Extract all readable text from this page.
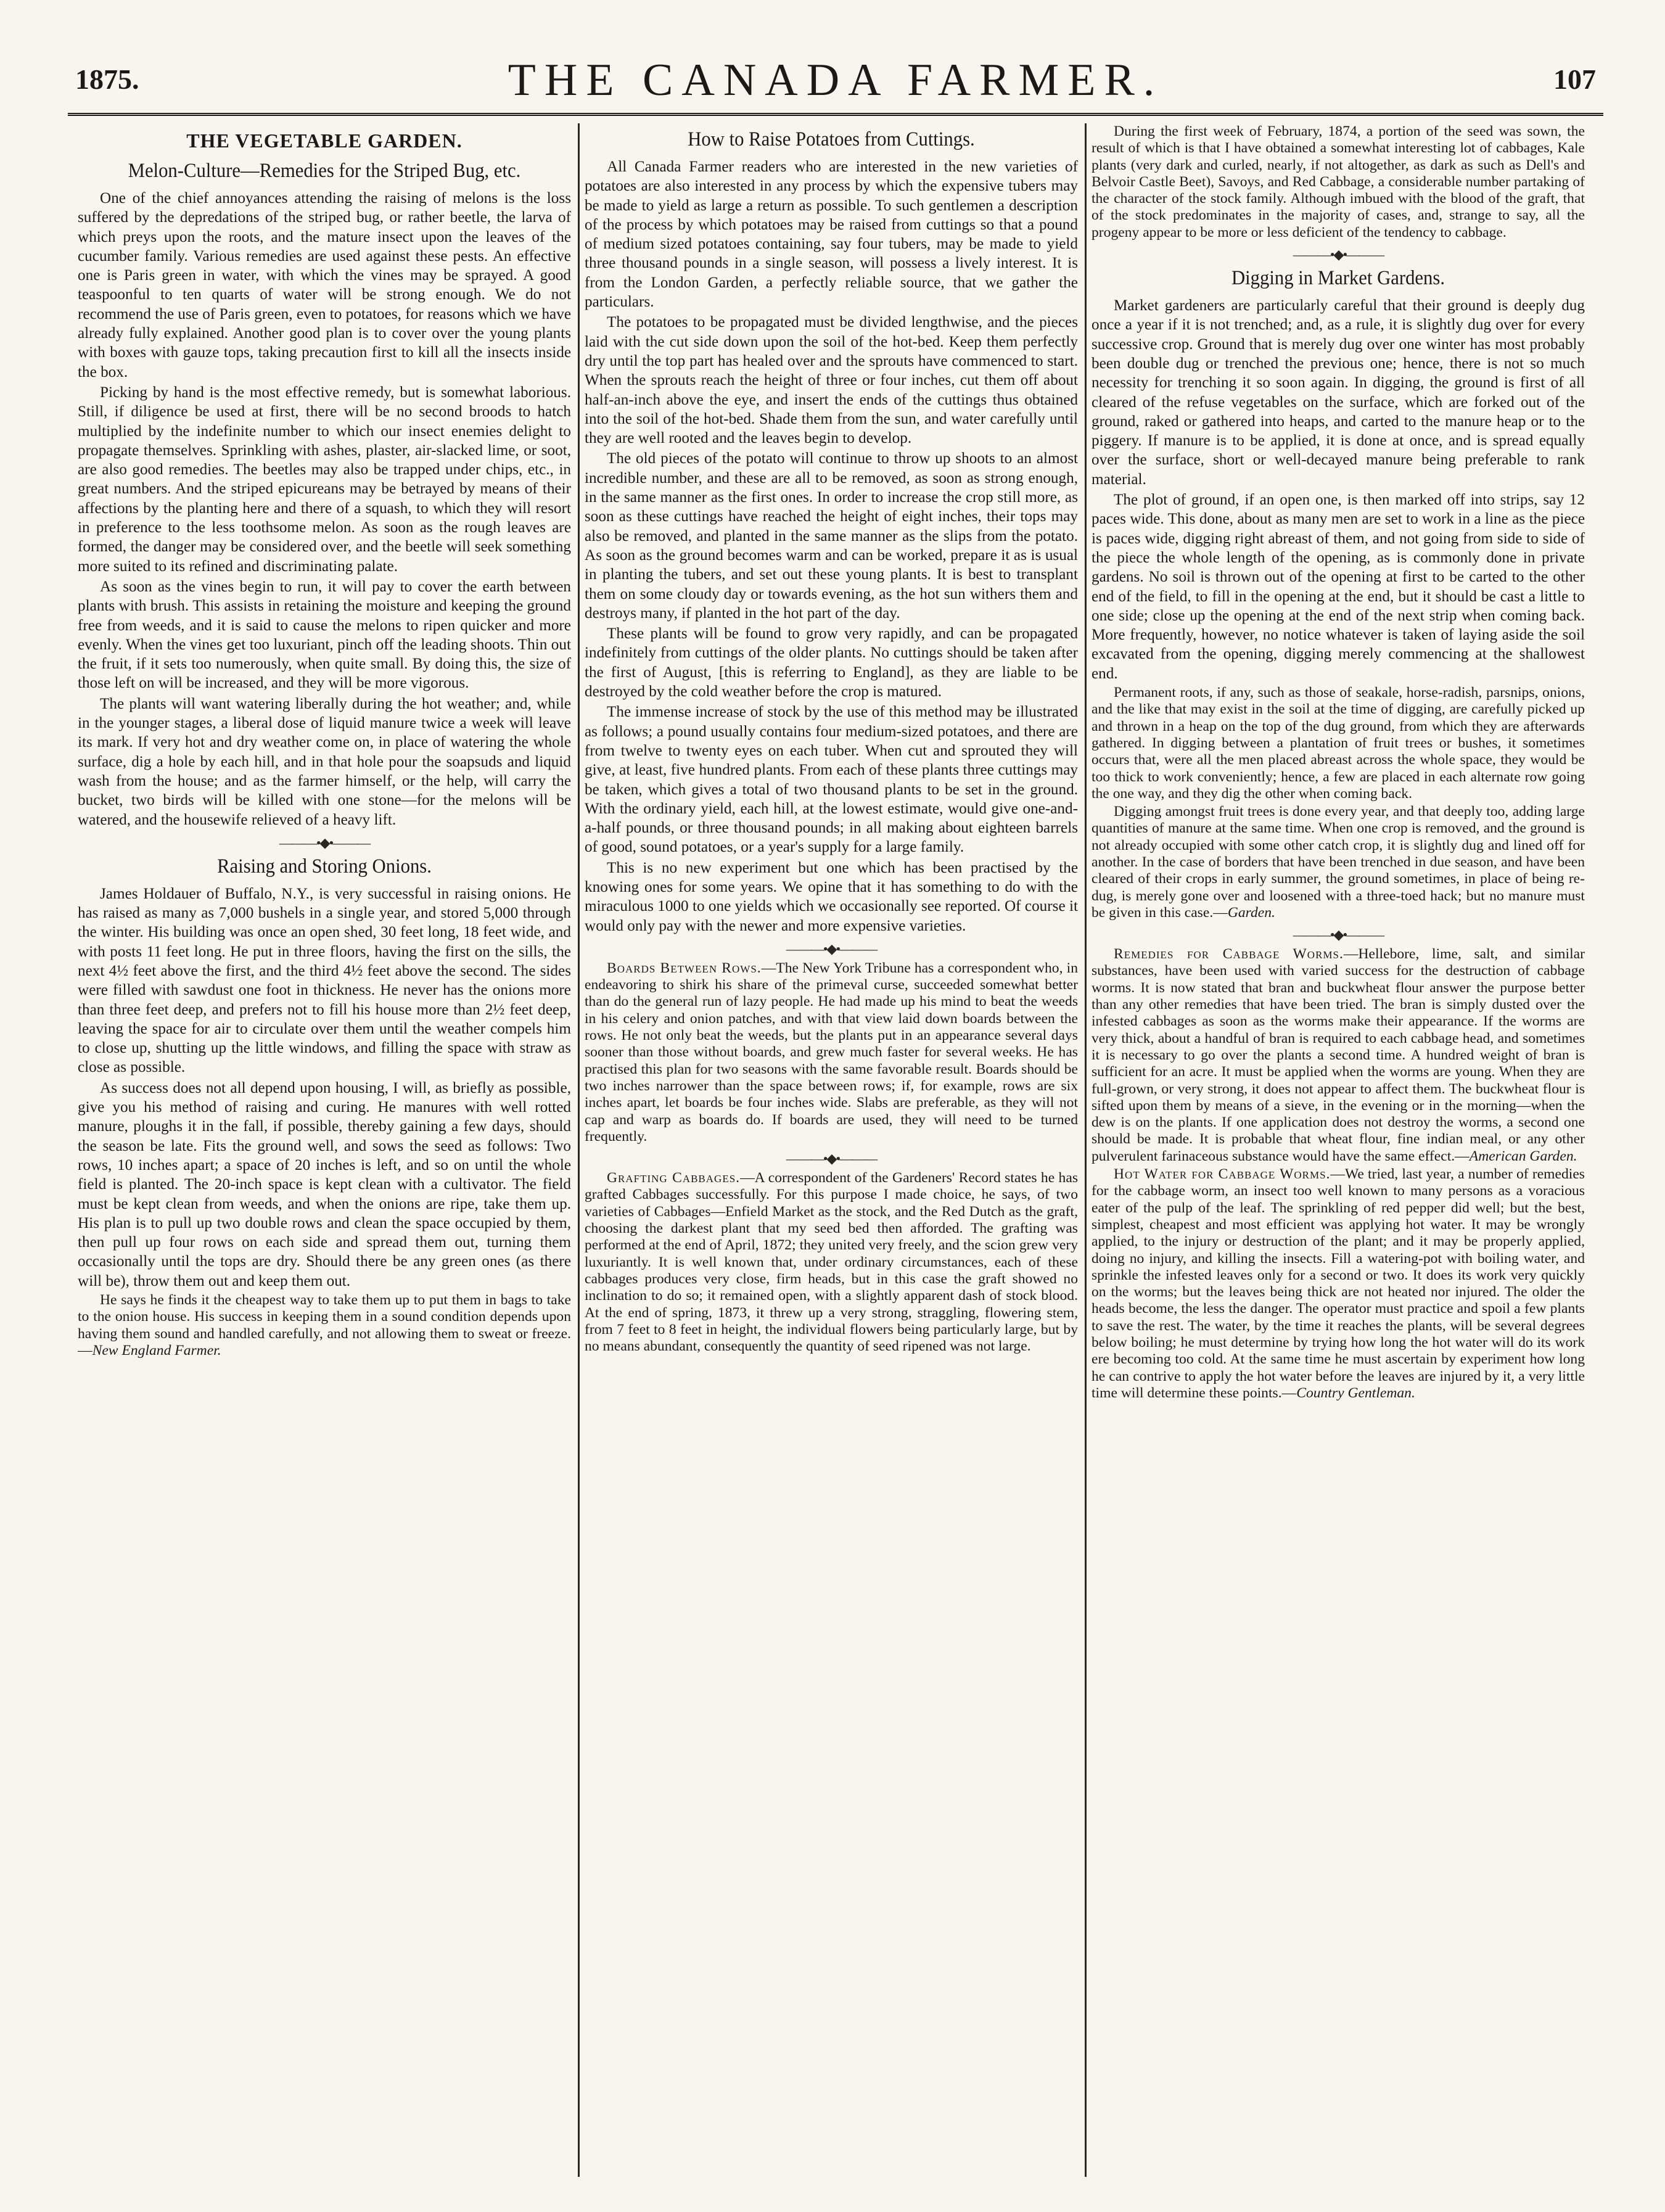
1875.	THE CANADA FARMER.	107
THE VEGETABLE GARDEN.
Melon-Culture—Remedies for the Striped Bug, etc.

One of the chief annoyances attending the raising of melons is the loss suffered by the depredations of the striped bug, or rather beetle, the larva of which preys upon the roots, and the mature insect upon the leaves of the cucumber family. Various remedies are used against these pests. An effective one is Paris green in water, with which the vines may be sprayed. A good teaspoonful to ten quarts of water will be strong enough. We do not recommend the use of Paris green, even to potatoes, for reasons which we have already fully explained. Another good plan is to cover over the young plants with boxes with gauze tops, taking precaution first to kill all the insects inside the box.

Picking by hand is the most effective remedy, but is somewhat laborious. Still, if diligence be used at first, there will be no second broods to hatch multiplied by the indefinite number to which our insect enemies delight to propagate themselves. Sprinkling with ashes, plaster, air-slacked lime, or soot, are also good remedies. The beetles may also be trapped under chips, etc., in great numbers. And the striped epicureans may be betrayed by means of their affections by the planting here and there of a squash, to which they will resort in preference to the less toothsome melon. As soon as the rough leaves are formed, the danger may be considered over, and the beetle will seek something more suited to its refined and discriminating palate.

As soon as the vines begin to run, it will pay to cover the earth between plants with brush. This assists in retaining the moisture and keeping the ground free from weeds, and it is said to cause the melons to ripen quicker and more evenly. When the vines get too luxuriant, pinch off the leading shoots. Thin out the fruit, if it sets too numerously, when quite small. By doing this, the size of those left on will be increased, and they will be more vigorous.

The plants will want watering liberally during the hot weather; and, while in the younger stages, a liberal dose of liquid manure twice a week will leave its mark. If very hot and dry weather come on, in place of watering the whole surface, dig a hole by each hill, and in that hole pour the soapsuds and liquid wash from the house; and as the farmer himself, or the help, will carry the bucket, two birds will be killed with one stone—for the melons will be watered, and the housewife relieved of a heavy lift.

———•◆•———
Raising and Storing Onions.

James Holdauer of Buffalo, N.Y., is very successful in raising onions. He has raised as many as 7,000 bushels in a single year, and stored 5,000 through the winter. His building was once an open shed, 30 feet long, 18 feet wide, and with posts 11 feet long. He put in three floors, having the first on the sills, the next 4½ feet above the first, and the third 4½ feet above the second. The sides were filled with sawdust one foot in thickness. He never has the onions more than three feet deep, and prefers not to fill his house more than 2½ feet deep, leaving the space for air to circulate over them until the weather compels him to close up, shutting up the little windows, and filling the space with straw as close as possible.

As success does not all depend upon housing, I will, as briefly as possible, give you his method of raising and curing. He manures with well rotted manure, ploughs it in the fall, if possible, thereby gaining a few days, should the season be late. Fits the ground well, and sows the seed as follows: Two rows, 10 inches apart; a space of 20 inches is left, and so on until the whole field is planted. The 20-inch space is kept clean with a cultivator. The field must be kept clean from weeds, and when the onions are ripe, take them up. His plan is to pull up two double rows and clean the space occupied by them, then pull up four rows on each side and spread them out, turning them occasionally until the tops are dry. Should there be any green ones (as there will be), throw them out and keep them out.

He says he finds it the cheapest way to take them up to put them in bags to take to the onion house. His success in keeping them in a sound condition depends upon having them sound and handled carefully, and not allowing them to sweat or freeze.—New England Farmer.

How to Raise Potatoes from Cuttings.

All Canada Farmer readers who are interested in the new varieties of potatoes are also interested in any process by which the expensive tubers may be made to yield as large a return as possible. To such gentlemen a description of the process by which potatoes may be raised from cuttings so that a pound of medium sized potatoes containing, say four tubers, may be made to yield three thousand pounds in a single season, will possess a lively interest. It is from the London Garden, a perfectly reliable source, that we gather the particulars.

The potatoes to be propagated must be divided lengthwise, and the pieces laid with the cut side down upon the soil of the hot-bed. Keep them perfectly dry until the top part has healed over and the sprouts have commenced to start. When the sprouts reach the height of three or four inches, cut them off about half-an-inch above the eye, and insert the ends of the cuttings thus obtained into the soil of the hot-bed. Shade them from the sun, and water carefully until they are well rooted and the leaves begin to develop.

The old pieces of the potato will continue to throw up shoots to an almost incredible number, and these are all to be removed, as soon as strong enough, in the same manner as the first ones. In order to increase the crop still more, as soon as these cuttings have reached the height of eight inches, their tops may also be removed, and planted in the same manner as the slips from the potato. As soon as the ground becomes warm and can be worked, prepare it as is usual in planting the tubers, and set out these young plants. It is best to transplant them on some cloudy day or towards evening, as the hot sun withers them and destroys many, if planted in the hot part of the day.

These plants will be found to grow very rapidly, and can be propagated indefinitely from cuttings of the older plants. No cuttings should be taken after the first of August, [this is referring to England], as they are liable to be destroyed by the cold weather before the crop is matured.

The immense increase of stock by the use of this method may be illustrated as follows; a pound usually contains four medium-sized potatoes, and there are from twelve to twenty eyes on each tuber. When cut and sprouted they will give, at least, five hundred plants. From each of these plants three cuttings may be taken, which gives a total of two thousand plants to be set in the ground. With the ordinary yield, each hill, at the lowest estimate, would give one-and-a-half pounds, or three thousand pounds; in all making about eighteen barrels of good, sound potatoes, or a year's supply for a large family.

This is no new experiment but one which has been practised by the knowing ones for some years. We opine that it has something to do with the miraculous 1000 to one yields which we occasionally see reported. Of course it would only pay with the newer and more expensive varieties.

———•◆•———

Boards Between Rows.—The New York Tribune has a correspondent who, in endeavoring to shirk his share of the primeval curse, succeeded somewhat better than do the general run of lazy people. He had made up his mind to beat the weeds in his celery and onion patches, and with that view laid down boards between the rows. He not only beat the weeds, but the plants put in an appearance several days sooner than those without boards, and grew much faster for several weeks. He has practised this plan for two seasons with the same favorable result. Boards should be two inches narrower than the space between rows; if, for example, rows are six inches apart, let boards be four inches wide. Slabs are preferable, as they will not cap and warp as boards do. If boards are used, they will need to be turned frequently.

———•◆•———

Grafting Cabbages.—A correspondent of the Gardeners' Record states he has grafted Cabbages successfully. For this purpose I made choice, he says, of two varieties of Cabbages—Enfield Market as the stock, and the Red Dutch as the graft, choosing the darkest plant that my seed bed then afforded. The grafting was performed at the end of April, 1872; they united very freely, and the scion grew very luxuriantly. It is well known that, under ordinary circumstances, each of these cabbages produces very close, firm heads, but in this case the graft showed no inclination to do so; it remained open, with a slightly apparent dash of stock blood. At the end of spring, 1873, it threw up a very strong, straggling, flowering stem, from 7 feet to 8 feet in height, the individual flowers being particularly large, but by no means abundant, consequently the quantity of seed ripened was not large.

During the first week of February, 1874, a portion of the seed was sown, the result of which is that I have obtained a somewhat interesting lot of cabbages, Kale plants (very dark and curled, nearly, if not altogether, as dark as such as Dell's and Belvoir Castle Beet), Savoys, and Red Cabbage, a considerable number partaking of the character of the stock family. Although imbued with the blood of the graft, that of the stock predominates in the majority of cases, and, strange to say, all the progeny appear to be more or less deficient of the tendency to cabbage.

———•◆•———
Digging in Market Gardens.

Market gardeners are particularly careful that their ground is deeply dug once a year if it is not trenched; and, as a rule, it is slightly dug over for every successive crop. Ground that is merely dug over one winter has most probably been double dug or trenched the previous one; hence, there is not so much necessity for trenching it so soon again. In digging, the ground is first of all cleared of the refuse vegetables on the surface, which are forked out of the ground, raked or gathered into heaps, and carted to the manure heap or to the piggery. If manure is to be applied, it is done at once, and is spread equally over the surface, short or well-decayed manure being preferable to rank material.

The plot of ground, if an open one, is then marked off into strips, say 12 paces wide. This done, about as many men are set to work in a line as the piece is paces wide, digging right abreast of them, and not going from side to side of the piece the whole length of the opening, as is commonly done in private gardens. No soil is thrown out of the opening at first to be carted to the other end of the field, to fill in the opening at the end, but it should be cast a little to one side; close up the opening at the end of the next strip when coming back. More frequently, however, no notice whatever is taken of laying aside the soil excavated from the opening, digging merely commencing at the shallowest end.

Permanent roots, if any, such as those of seakale, horse-radish, parsnips, onions, and the like that may exist in the soil at the time of digging, are carefully picked up and thrown in a heap on the top of the dug ground, from which they are afterwards gathered. In digging between a plantation of fruit trees or bushes, it sometimes occurs that, were all the men placed abreast across the whole space, they would be too thick to work conveniently; hence, a few are placed in each alternate row going the one way, and they dig the other when coming back.

Digging amongst fruit trees is done every year, and that deeply too, adding large quantities of manure at the same time. When one crop is removed, and the ground is not already occupied with some other catch crop, it is slightly dug and lined off for another. In the case of borders that have been trenched in due season, and have been cleared of their crops in early summer, the ground sometimes, in place of being re-dug, is merely gone over and loosened with a three-toed hack; but no manure must be given in this case.—Garden.

———•◆•———

Remedies for Cabbage Worms.—Hellebore, lime, salt, and similar substances, have been used with varied success for the destruction of cabbage worms. It is now stated that bran and buckwheat flour answer the purpose better than any other remedies that have been tried. The bran is simply dusted over the infested cabbages as soon as the worms make their appearance. If the worms are very thick, about a handful of bran is required to each cabbage head, and sometimes it is necessary to go over the plants a second time. A hundred weight of bran is sufficient for an acre. It must be applied when the worms are young. When they are full-grown, or very strong, it does not appear to affect them. The buckwheat flour is sifted upon them by means of a sieve, in the evening or in the morning—when the dew is on the plants. If one application does not destroy the worms, a second one should be made. It is probable that wheat flour, fine indian meal, or any other pulverulent farinaceous substance would have the same effect.—American Garden.

Hot Water for Cabbage Worms.—We tried, last year, a number of remedies for the cabbage worm, an insect too well known to many persons as a voracious eater of the pulp of the leaf. The sprinkling of red pepper did well; but the best, simplest, cheapest and most efficient was applying hot water. It may be wrongly applied, to the injury or destruction of the plant; and it may be properly applied, doing no injury, and killing the insects. Fill a watering-pot with boiling water, and sprinkle the infested leaves only for a second or two. It does its work very quickly on the worms; but the leaves being thick are not heated nor injured. The older the heads become, the less the danger. The operator must practice and spoil a few plants to save the rest. The water, by the time it reaches the plants, will be several degrees below boiling; he must determine by trying how long the hot water will do its work ere becoming too cold. At the same time he must ascertain by experiment how long he can contrive to apply the hot water before the leaves are injured by it, a very little time will determine these points.—Country Gentleman.
